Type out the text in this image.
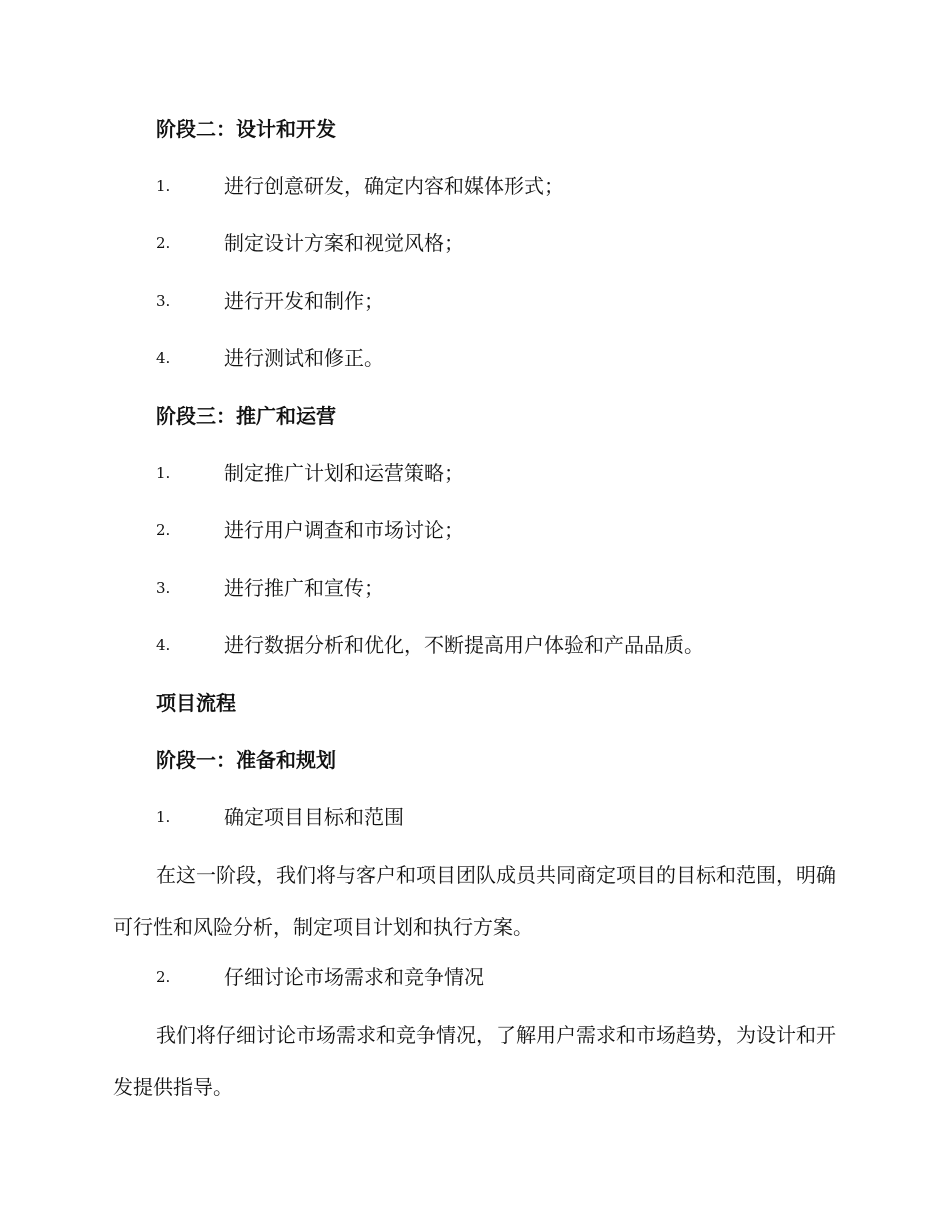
阶段二：设计和开发
1.	进行创意研发，确定内容和媒体形式；
2.	制定设计方案和视觉风格；
3.	进行开发和制作；
4.	进行测试和修正。
阶段三：推广和运营
1.	制定推广计划和运营策略；
2.	进行用户调查和市场讨论；
3.	进行推广和宣传；
4.	进行数据分析和优化，不断提高用户体验和产品品质。
项目流程
阶段一：准备和规划
1.	确定项目目标和范围

在这一阶段，我们将与客户和项目团队成员共同商定项目的目标和范围，明确可行性和风险分析，制定项目计划和执行方案。

2.	仔细讨论市场需求和竞争情况

我们将仔细讨论市场需求和竞争情况，了解用户需求和市场趋势，为设计和开发提供指导。
